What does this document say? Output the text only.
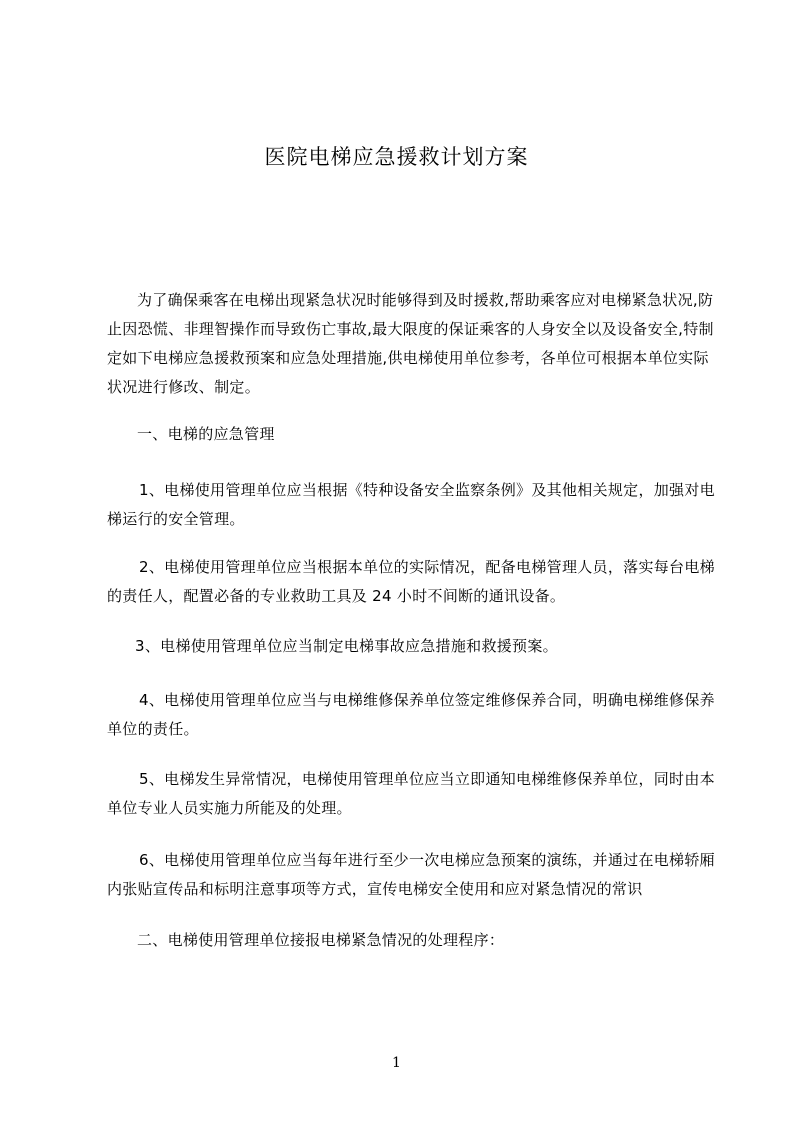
医院电梯应急援救计划方案
为了确保乘客在电梯出现紧急状况时能够得到及时援救,帮助乘客应对电梯紧急状况,防止因恐慌、非理智操作而导致伤亡事故,最大限度的保证乘客的人身安全以及设备安全,特制定如下电梯应急援救预案和应急处理措施,供电梯使用单位参考，各单位可根据本单位实际状况进行修改、制定。
一、电梯的应急管理
1、电梯使用管理单位应当根据《特种设备安全监察条例》及其他相关规定，加强对电梯运行的安全管理。
2、电梯使用管理单位应当根据本单位的实际情况，配备电梯管理人员，落实每台电梯的责任人，配置必备的专业救助工具及 24 小时不间断的通讯设备。
3、电梯使用管理单位应当制定电梯事故应急措施和救援预案。
4、电梯使用管理单位应当与电梯维修保养单位签定维修保养合同，明确电梯维修保养单位的责任。
5、电梯发生异常情况，电梯使用管理单位应当立即通知电梯维修保养单位，同时由本单位专业人员实施力所能及的处理。
6、电梯使用管理单位应当每年进行至少一次电梯应急预案的演练，并通过在电梯轿厢内张贴宣传品和标明注意事项等方式，宣传电梯安全使用和应对紧急情况的常识
二、电梯使用管理单位接报电梯紧急情况的处理程序：
1
